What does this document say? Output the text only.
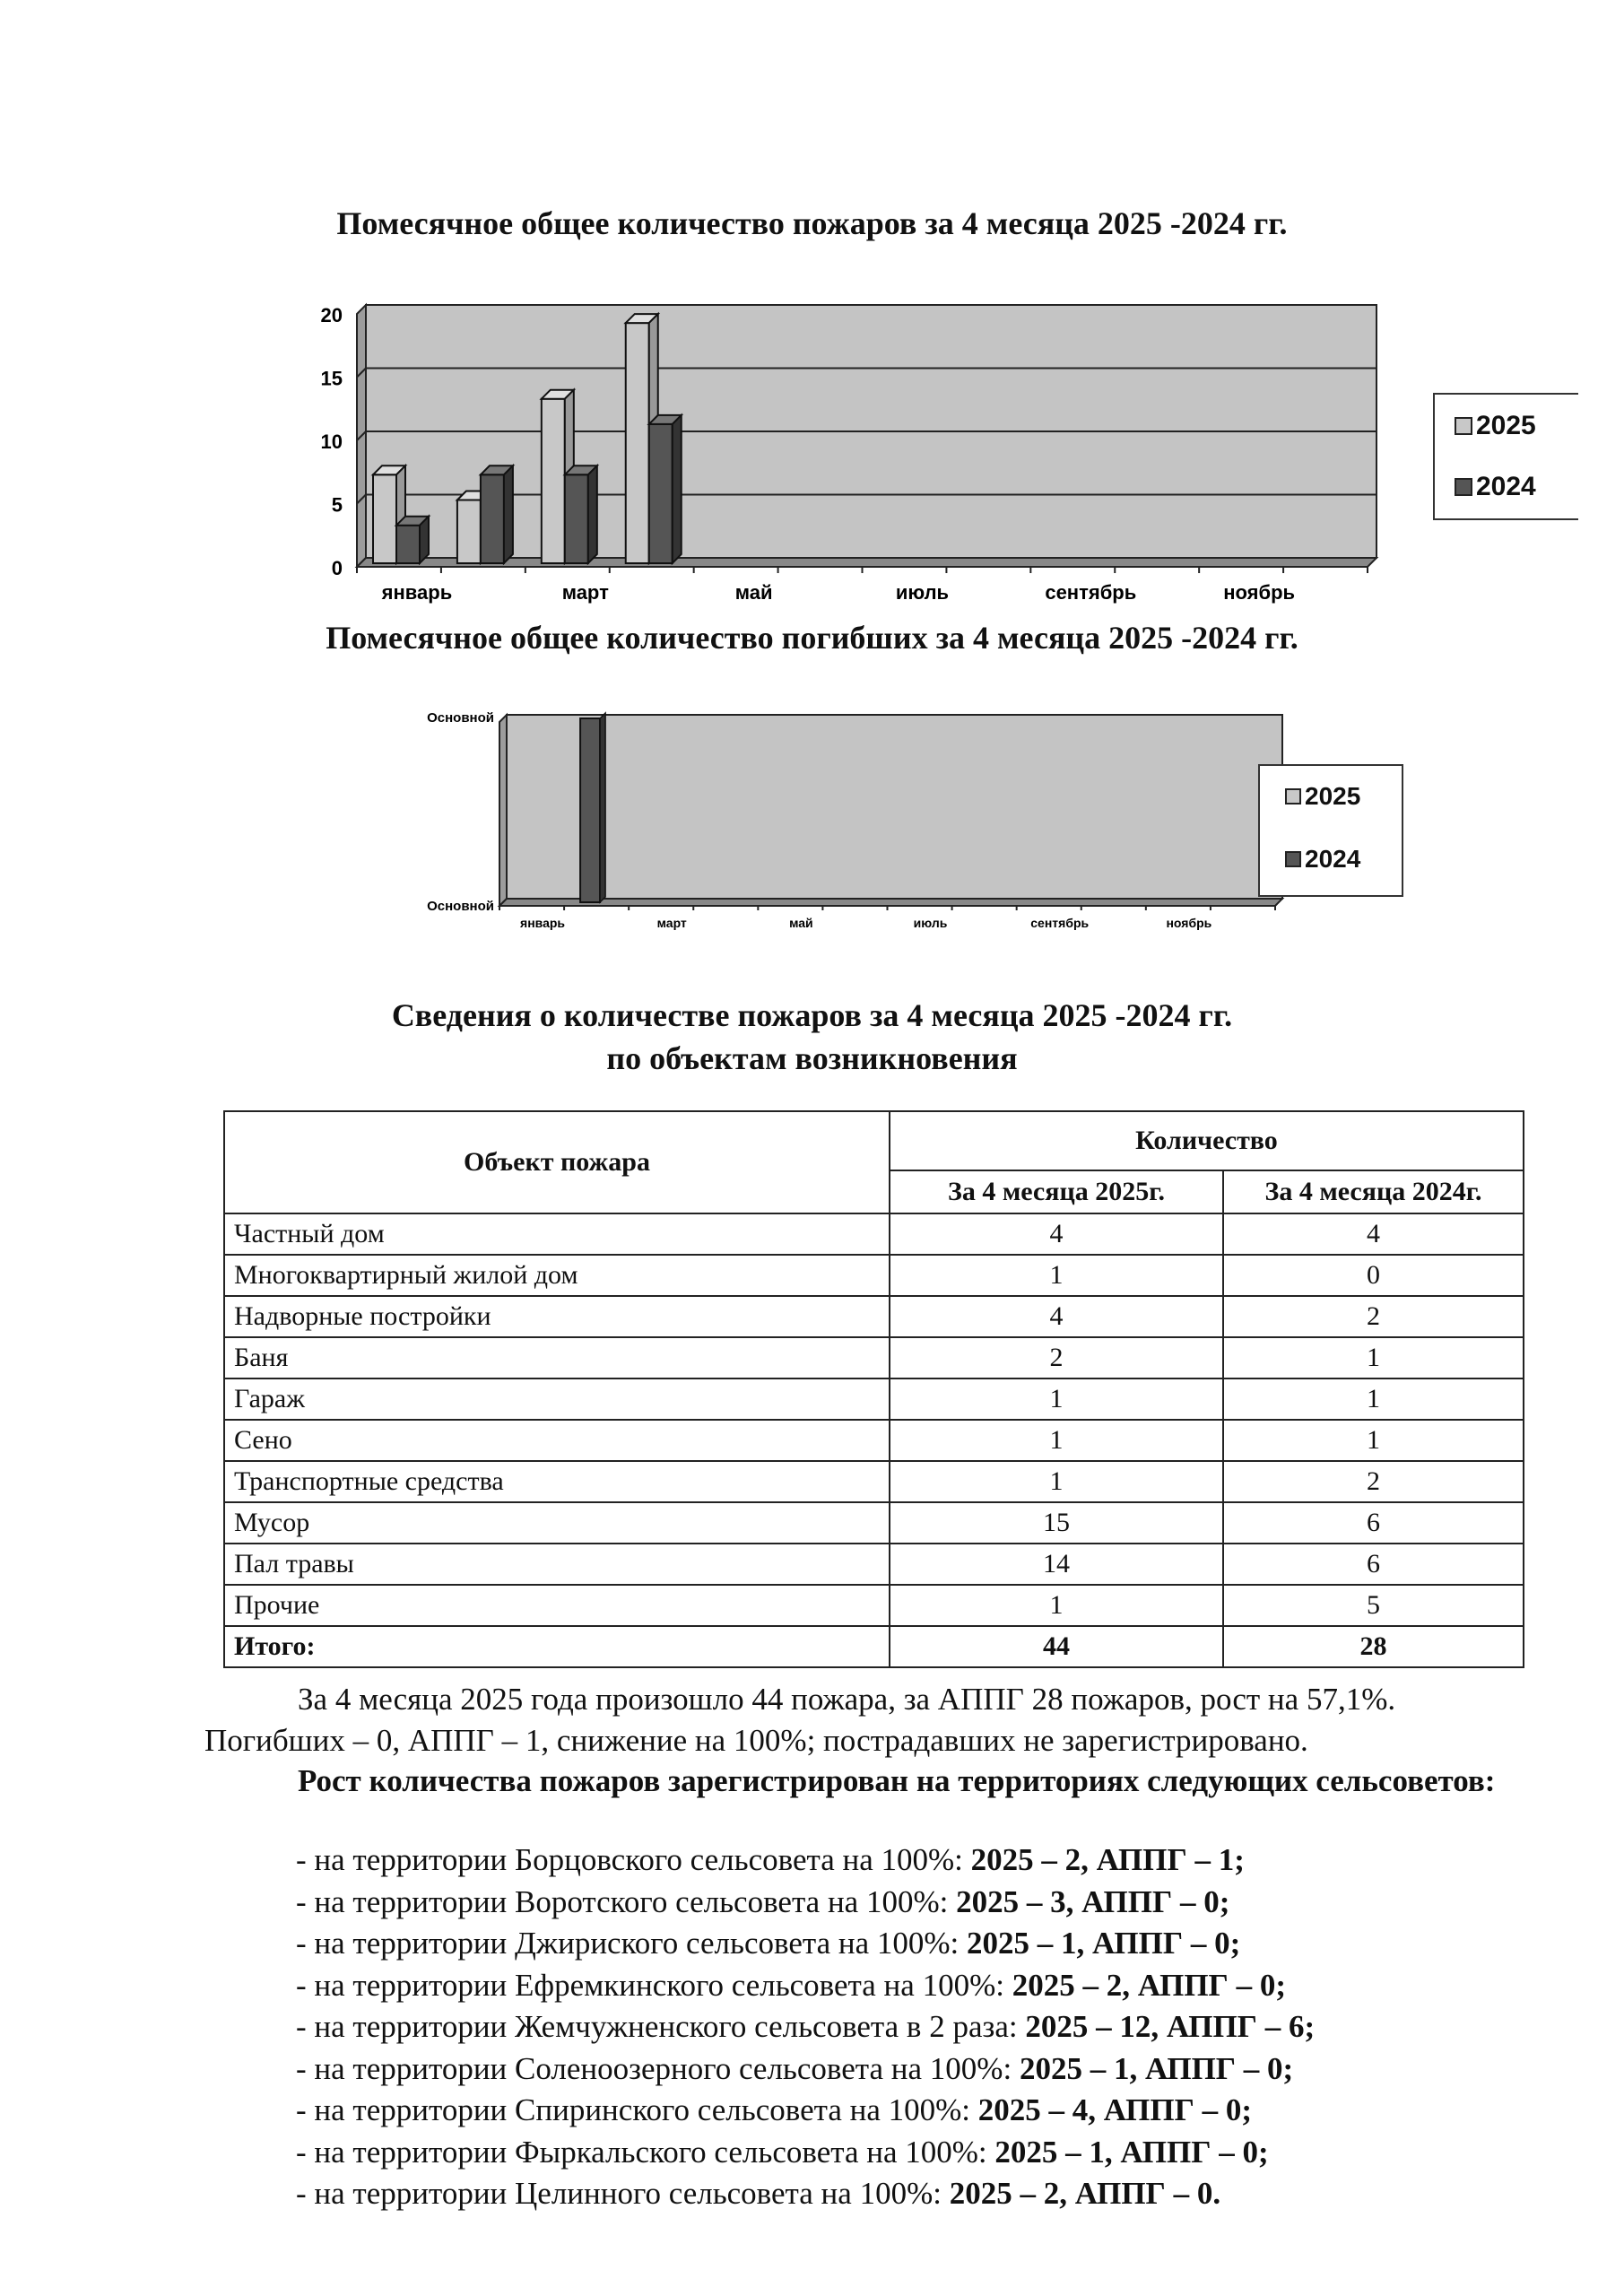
Помесячное общее количество пожаров за 4 месяца 2025 -2024 гг.
0
5
10
15
20
январь	март	май	июль	сентябрь	ноябрь
2025
2024
Помесячное общее количество погибших за 4 месяца 2025 -2024 гг.
Основной
Основной
январь	март	май	июль	сентябрь	ноябрь
2025
2024
Сведения о количестве пожаров за 4 месяца 2025 -2024 гг.
по объектам возникновения
Объект пожара	Количество	
	За 4 месяца 2025г.	За 4 месяца 2024г.
Частный дом	4	4
Многоквартирный жилой дом	1	0
Надворные постройки	4	2
Баня	2	1
Гараж	1	1
Сено	1	1
Транспортные средства	1	2
Мусор	15	6
Пал травы	14	6
Прочие	1	5
Итого:	44	28
За 4 месяца 2025 года произошло 44 пожара, за АППГ 28 пожаров, рост на 57,1%.
Погибших – 0, АППГ – 1, снижение на 100%; пострадавших не зарегистрировано.
Рост количества пожаров зарегистрирован на территориях следующих сельсоветов:
- на территории Борцовского сельсовета на 100%: 2025 – 2, АППГ – 1;
- на территории Воротского сельсовета на 100%: 2025 – 3, АППГ – 0;
- на территории Джириского сельсовета на 100%: 2025 – 1, АППГ – 0;
- на территории Ефремкинского сельсовета на 100%: 2025 – 2, АППГ – 0;
- на территории Жемчужненского сельсовета в 2 раза: 2025 – 12, АППГ – 6;
- на территории Соленоозерного сельсовета на 100%: 2025 – 1, АППГ – 0;
- на территории Спиринского сельсовета на 100%: 2025 – 4, АППГ – 0;
- на территории Фыркальского сельсовета на 100%: 2025 – 1, АППГ – 0;
- на территории Целинного сельсовета на 100%: 2025 – 2, АППГ – 0.
